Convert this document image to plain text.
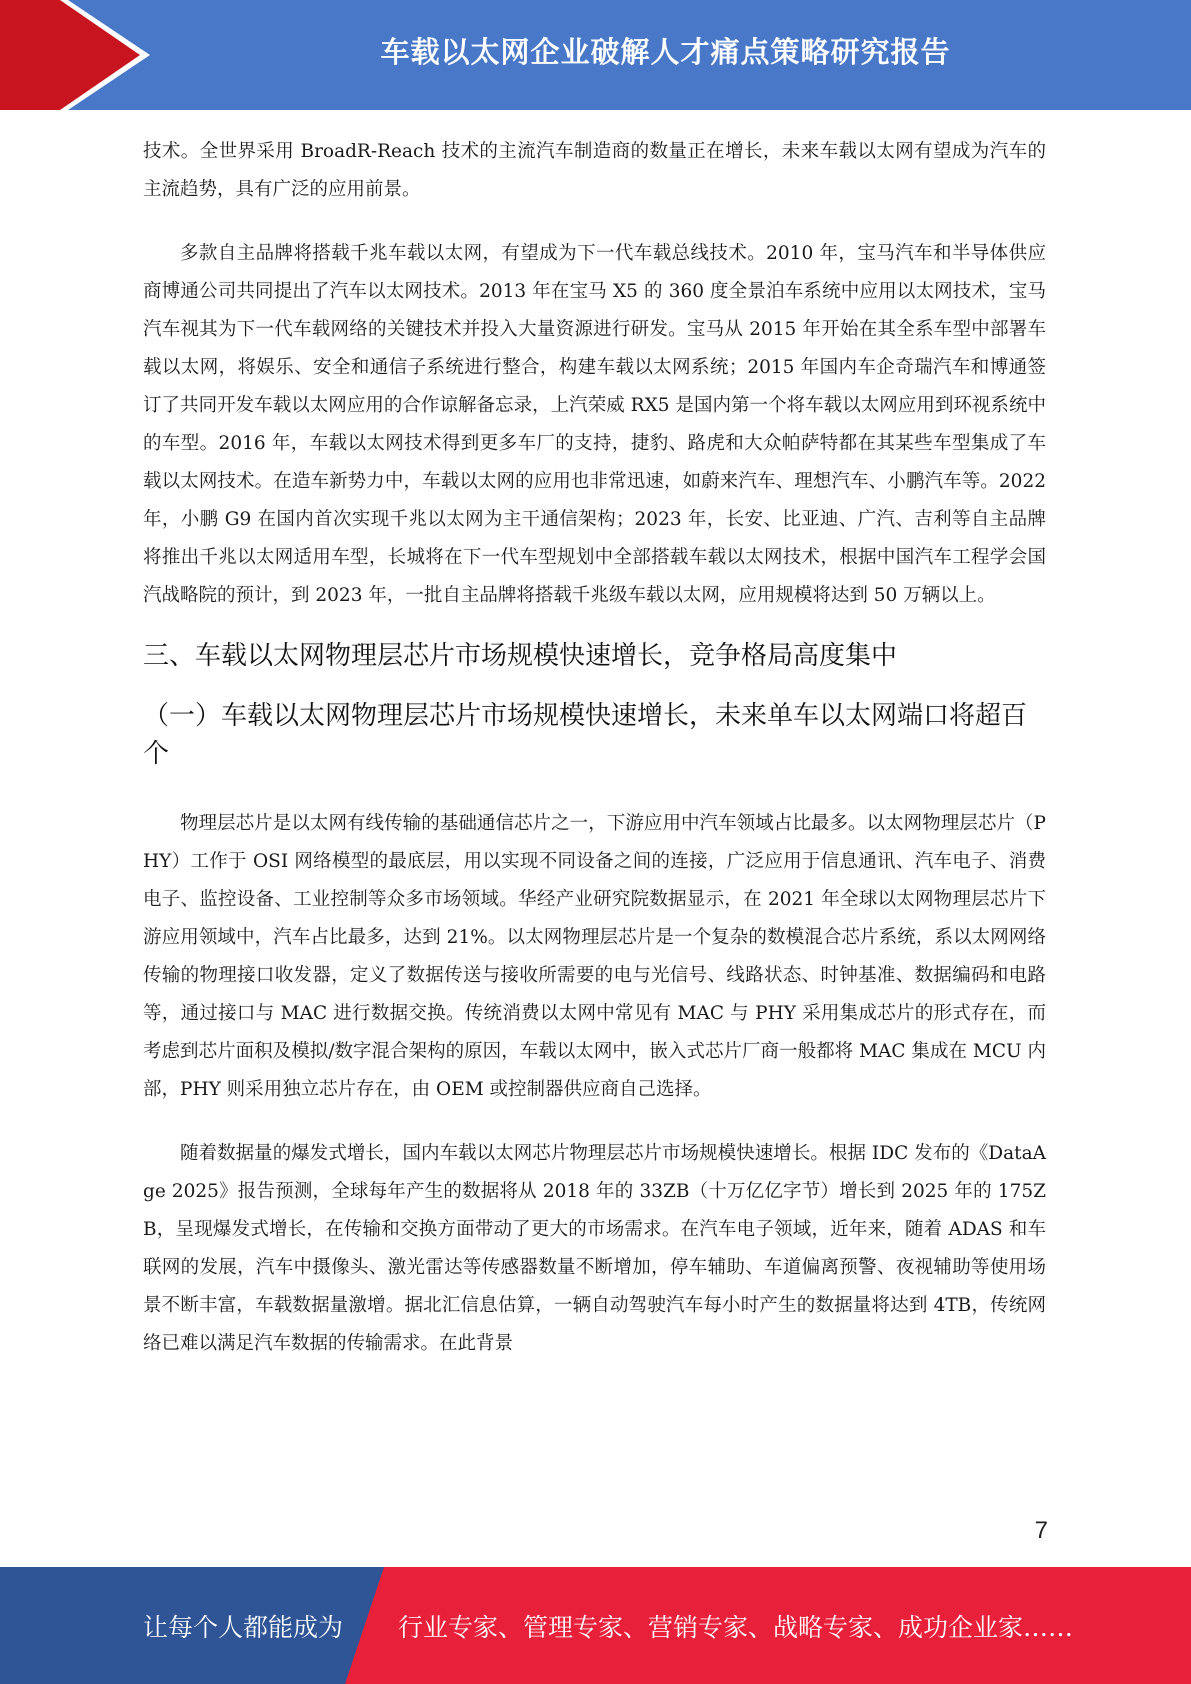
车载以太网企业破解人才痛点策略研究报告

技术。全世界采用 BroadR-Reach 技术的主流汽车制造商的数量正在增长，未来车载以太网有望成为汽车的主流趋势，具有广泛的应用前景。

多款自主品牌将搭载千兆车载以太网，有望成为下一代车载总线技术。2010 年，宝马汽车和半导体供应商博通公司共同提出了汽车以太网技术。2013 年在宝马 X5 的 360 度全景泊车系统中应用以太网技术，宝马汽车视其为下一代车载网络的关键技术并投入大量资源进行研发。宝马从 2015 年开始在其全系车型中部署车载以太网，将娱乐、安全和通信子系统进行整合，构建车载以太网系统；2015 年国内车企奇瑞汽车和博通签订了共同开发车载以太网应用的合作谅解备忘录，上汽荣威 RX5 是国内第一个将车载以太网应用到环视系统中的车型。2016 年，车载以太网技术得到更多车厂的支持，捷豹、路虎和大众帕萨特都在其某些车型集成了车载以太网技术。在造车新势力中，车载以太网的应用也非常迅速，如蔚来汽车、理想汽车、小鹏汽车等。2022 年，小鹏 G9 在国内首次实现千兆以太网为主干通信架构；2023 年，长安、比亚迪、广汽、吉利等自主品牌将推出千兆以太网适用车型，长城将在下一代车型规划中全部搭载车载以太网技术，根据中国汽车工程学会国汽战略院的预计，到 2023 年，一批自主品牌将搭载千兆级车载以太网，应用规模将达到 50 万辆以上。

三、车载以太网物理层芯片市场规模快速增长，竞争格局高度集中
（一）车载以太网物理层芯片市场规模快速增长，未来单车以太网端口将超百个

物理层芯片是以太网有线传输的基础通信芯片之一，下游应用中汽车领域占比最多。以太网物理层芯片（PHY）工作于 OSI 网络模型的最底层，用以实现不同设备之间的连接，广泛应用于信息通讯、汽车电子、消费电子、监控设备、工业控制等众多市场领域。华经产业研究院数据显示，在 2021 年全球以太网物理层芯片下游应用领域中，汽车占比最多，达到 21%。以太网物理层芯片是一个复杂的数模混合芯片系统，系以太网网络传输的物理接口收发器，定义了数据传送与接收所需要的电与光信号、线路状态、时钟基准、数据编码和电路等，通过接口与 MAC 进行数据交换。传统消费以太网中常见有 MAC 与 PHY 采用集成芯片的形式存在，而考虑到芯片面积及模拟/数字混合架构的原因，车载以太网中，嵌入式芯片厂商一般都将 MAC 集成在 MCU 内部，PHY 则采用独立芯片存在，由 OEM 或控制器供应商自己选择。

随着数据量的爆发式增长，国内车载以太网芯片物理层芯片市场规模快速增长。根据 IDC 发布的《DataAge 2025》报告预测，全球每年产生的数据将从 2018 年的 33ZB（十万亿亿字节）增长到 2025 年的 175ZB，呈现爆发式增长，在传输和交换方面带动了更大的市场需求。在汽车电子领域，近年来，随着 ADAS 和车联网的发展，汽车中摄像头、激光雷达等传感器数量不断增加，停车辅助、车道偏离预警、夜视辅助等使用场景不断丰富，车载数据量激增。据北汇信息估算，一辆自动驾驶汽车每小时产生的数据量将达到 4TB，传统网络已难以满足汽车数据的传输需求。在此背景

7
让每个人都能成为 行业专家、管理专家、营销专家、战略专家、成功企业家……
